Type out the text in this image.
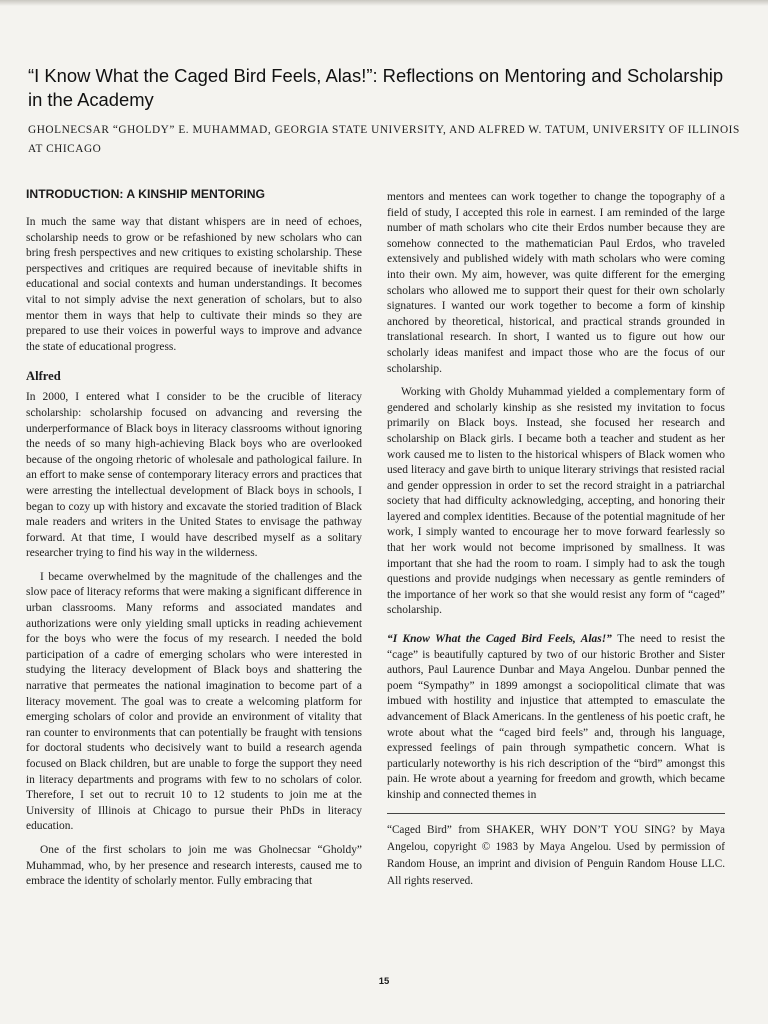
“I Know What the Caged Bird Feels, Alas!”: Reflections on Mentoring and Scholarship in the Academy

GHOLNECSAR “GHOLDY” E. MUHAMMAD, GEORGIA STATE UNIVERSITY, AND ALFRED W. TATUM, UNIVERSITY OF ILLINOIS AT CHICAGO

INTRODUCTION: A KINSHIP MENTORING

In much the same way that distant whispers are in need of echoes, scholarship needs to grow or be refashioned by new scholars who can bring fresh perspectives and new critiques to existing scholarship. These perspectives and critiques are required because of inevitable shifts in educational and social contexts and human understandings. It becomes vital to not simply advise the next generation of scholars, but to also mentor them in ways that help to cultivate their minds so they are prepared to use their voices in powerful ways to improve and advance the state of educational progress.

Alfred

In 2000, I entered what I consider to be the crucible of literacy scholarship: scholarship focused on advancing and reversing the underperformance of Black boys in literacy classrooms without ignoring the needs of so many high-achieving Black boys who are overlooked because of the ongoing rhetoric of wholesale and pathological failure. In an effort to make sense of contemporary literacy errors and practices that were arresting the intellectual development of Black boys in schools, I began to cozy up with history and excavate the storied tradition of Black male readers and writers in the United States to envisage the pathway forward. At that time, I would have described myself as a solitary researcher trying to find his way in the wilderness.

I became overwhelmed by the magnitude of the challenges and the slow pace of literacy reforms that were making a significant difference in urban classrooms. Many reforms and associated mandates and authorizations were only yielding small upticks in reading achievement for the boys who were the focus of my research. I needed the bold participation of a cadre of emerging scholars who were interested in studying the literacy development of Black boys and shattering the narrative that permeates the national imagination to become part of a literacy movement. The goal was to create a welcoming platform for emerging scholars of color and provide an environment of vitality that ran counter to environments that can potentially be fraught with tensions for doctoral students who decisively want to build a research agenda focused on Black children, but are unable to forge the support they need in literacy departments and programs with few to no scholars of color. Therefore, I set out to recruit 10 to 12 students to join me at the University of Illinois at Chicago to pursue their PhDs in literacy education.

One of the first scholars to join me was Gholnecsar “Gholdy” Muhammad, who, by her presence and research interests, caused me to embrace the identity of scholarly mentor. Fully embracing that

mentors and mentees can work together to change the topography of a field of study, I accepted this role in earnest. I am reminded of the large number of math scholars who cite their Erdos number because they are somehow connected to the mathematician Paul Erdos, who traveled extensively and published widely with math scholars who were coming into their own. My aim, however, was quite different for the emerging scholars who allowed me to support their quest for their own scholarly signatures. I wanted our work together to become a form of kinship anchored by theoretical, historical, and practical strands grounded in translational research. In short, I wanted us to figure out how our scholarly ideas manifest and impact those who are the focus of our scholarship.

Working with Gholdy Muhammad yielded a complementary form of gendered and scholarly kinship as she resisted my invitation to focus primarily on Black boys. Instead, she focused her research and scholarship on Black girls. I became both a teacher and student as her work caused me to listen to the historical whispers of Black women who used literacy and gave birth to unique literary strivings that resisted racial and gender oppression in order to set the record straight in a patriarchal society that had difficulty acknowledging, accepting, and honoring their layered and complex identities. Because of the potential magnitude of her work, I simply wanted to encourage her to move forward fearlessly so that her work would not become imprisoned by smallness. It was important that she had the room to roam. I simply had to ask the tough questions and provide nudgings when necessary as gentle reminders of the importance of her work so that she would resist any form of “caged” scholarship.

“I Know What the Caged Bird Feels, Alas!” The need to resist the “cage” is beautifully captured by two of our historic Brother and Sister authors, Paul Laurence Dunbar and Maya Angelou. Dunbar penned the poem “Sympathy” in 1899 amongst a sociopolitical climate that was imbued with hostility and injustice that attempted to emasculate the advancement of Black Americans. In the gentleness of his poetic craft, he wrote about what the “caged bird feels” and, through his language, expressed feelings of pain through sympathetic concern. What is particularly noteworthy is his rich description of the “bird” amongst this pain. He wrote about a yearning for freedom and growth, which became kinship and connected themes in

“Caged Bird” from SHAKER, WHY DON’T YOU SING? by Maya Angelou, copyright © 1983 by Maya Angelou. Used by permission of Random House, an imprint and division of Penguin Random House LLC. All rights reserved.

15
